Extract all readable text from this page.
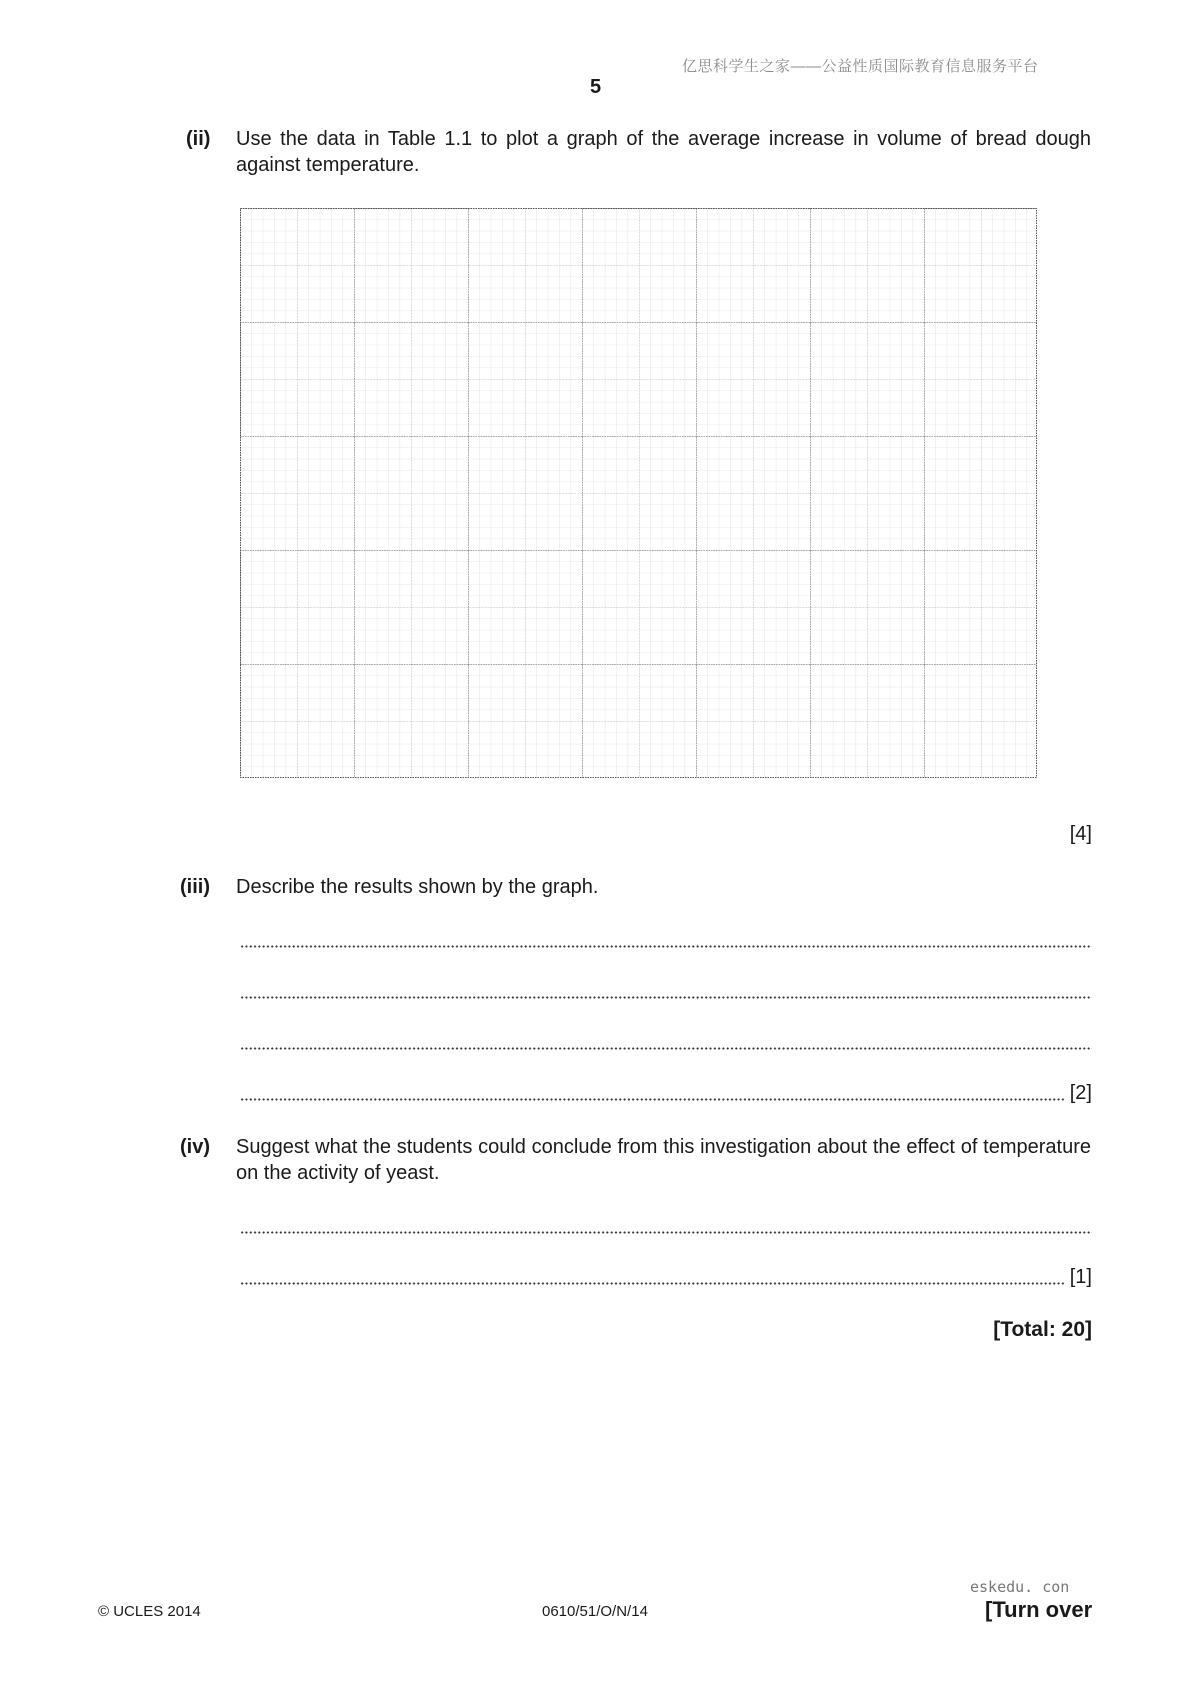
亿思科学生之家——公益性质国际教育信息服务平台
5
(ii) Use the data in Table 1.1 to plot a graph of the average increase in volume of bread dough against temperature.
[4]
(iii) Describe the results shown by the graph.
[2]
(iv) Suggest what the students could conclude from this investigation about the effect of temperature on the activity of yeast.
[1]
[Total: 20]
eskedu. con
© UCLES 2014	0610/51/O/N/14	[Turn over
